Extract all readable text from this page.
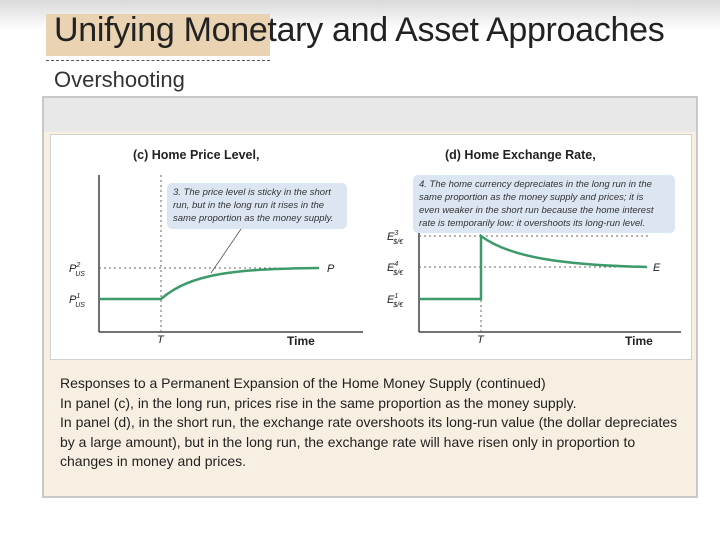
Unifying Monetary and Asset Approaches
Overshooting
(c) Home Price Level,
3. The price level is sticky in the short run, but in the long run it rises in the same proportion as the money supply.
P
$P^2$ US
$P^1$ US
T	Time
(d) Home Exchange Rate,
4. The home currency depreciates in the long run in the same proportion as the money supply and prices; it is even weaker in the short run because the home interest rate is temporarily low: it overshoots its long-run level.
E
$E^3$ $/€
$E^4$ $/€
$E^1$ $/€
T	Time
Responses to a Permanent Expansion of the Home Money Supply (continued)
In panel (c), in the long run, prices rise in the same proportion as the money supply.
In panel (d), in the short run, the exchange rate overshoots its long-run value (the dollar depreciates by a large amount), but in the long run, the exchange rate will have risen only in proportion to changes in money and prices.
